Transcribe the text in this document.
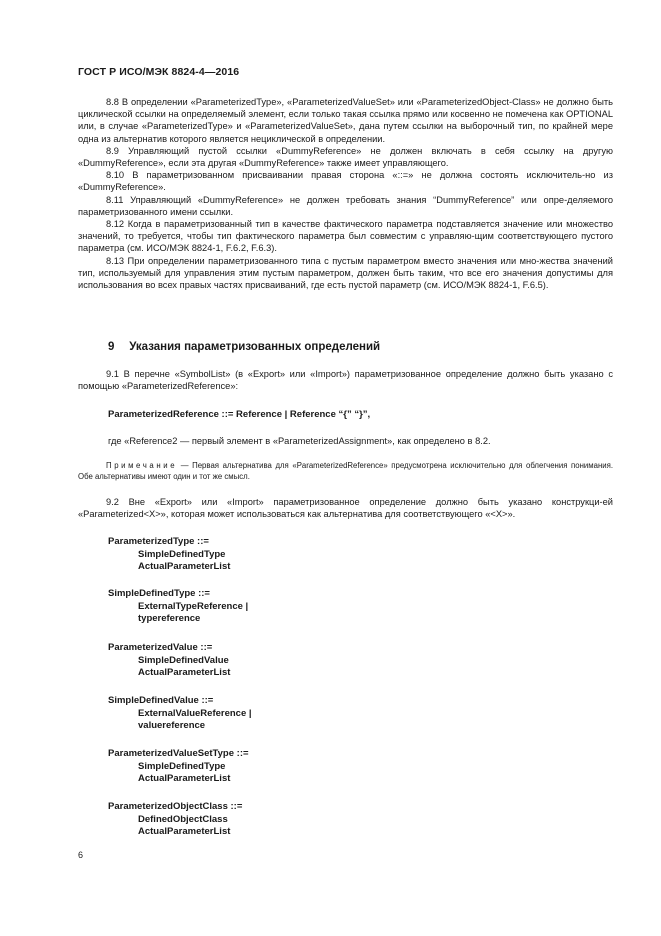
ГОСТ Р ИСО/МЭК 8824-4—2016

8.8 В определении «ParameterizedType», «ParameterizedValueSet» или «ParameterizedObject-Class» не должно быть циклической ссылки на определяемый элемент, если только такая ссылка прямо или косвенно не помечена как OPTIONAL или, в случае «ParameterizedType» и «ParameterizedValueSet», дана путем ссылки на выборочный тип, по крайней мере одна из альтернатив которого является нециклической в определении.

8.9 Управляющий пустой ссылки «DummyReference» не должен включать в себя ссылку на другую «DummyReference», если эта другая «DummyReference» также имеет управляющего.

8.10 В параметризованном присваивании правая сторона «::=» не должна состоять исключитель-но из «DummyReference».

8.11 Управляющий «DummyReference» не должен требовать знания “DummyReference” или опре-деляемого параметризованного имени ссылки.

8.12 Когда в параметризованный тип в качестве фактического параметра подставляется значение или множество значений, то требуется, чтобы тип фактического параметра был совместим с управляю-щим соответствующего пустого параметра (см. ИСО/МЭК 8824-1, F.6.2, F.6.3).

8.13 При определении параметризованного типа с пустым параметром вместо значения или мно-жества значений тип, используемый для управления этим пустым параметром, должен быть таким, что все его значения допустимы для использования во всех правых частях присваиваний, где есть пустой параметр (см. ИСО/МЭК 8824-1, F.6.5).

9 Указания параметризованных определений

9.1 В перечне «SymbolList» (в «Export» или «Import») параметризованное определение должно быть указано с помощью «ParameterizedReference»:

ParameterizedReference ::= Reference | Reference “{” “}”,
где «Reference2 — первый элемент в «ParameterizedAssignment», как определено в 8.2.
Примечание — Первая альтернатива для «ParameterizedReference» предусмотрена исключительно для облегчения понимания. Обе альтернативы имеют один и тот же смысл.

9.2 Вне «Export» или «Import» параметризованное определение должно быть указано конструкци-ей «Parameterized<X>», которая может использоваться как альтернатива для соответствующего «<X>».

ParameterizedType ::=
SimpleDefinedType
ActualParameterList
SimpleDefinedType ::=
ExternalTypeReference |
typereference
ParameterizedValue ::=
SimpleDefinedValue
ActualParameterList
SimpleDefinedValue ::=
ExternalValueReference |
valuereference
ParameterizedValueSetType ::=
SimpleDefinedType
ActualParameterList
ParameterizedObjectClass ::=
DefinedObjectClass
ActualParameterList
6
